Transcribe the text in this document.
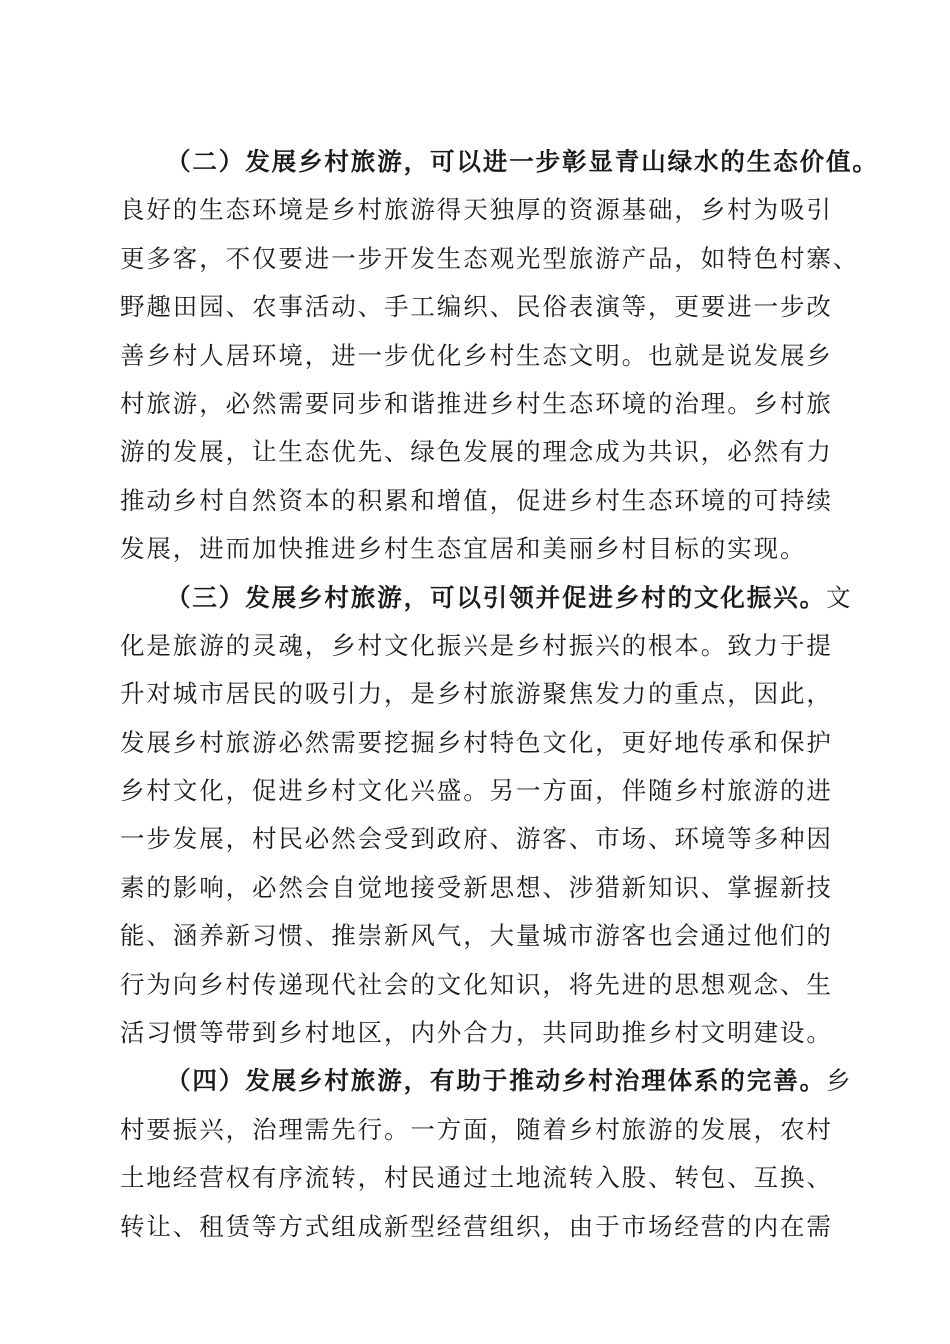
（二）发展乡村旅游，可以进一步彰显青山绿水的生态价值。
良好的生态环境是乡村旅游得天独厚的资源基础，乡村为吸引
更多客，不仅要进一步开发生态观光型旅游产品，如特色村寨、
野趣田园、农事活动、手工编织、民俗表演等，更要进一步改
善乡村人居环境，进一步优化乡村生态文明。也就是说发展乡
村旅游，必然需要同步和谐推进乡村生态环境的治理。乡村旅
游的发展，让生态优先、绿色发展的理念成为共识，必然有力
推动乡村自然资本的积累和增值，促进乡村生态环境的可持续
发展，进而加快推进乡村生态宜居和美丽乡村目标的实现。
（三）发展乡村旅游，可以引领并促进乡村的文化振兴。文
化是旅游的灵魂，乡村文化振兴是乡村振兴的根本。致力于提
升对城市居民的吸引力，是乡村旅游聚焦发力的重点，因此，
发展乡村旅游必然需要挖掘乡村特色文化，更好地传承和保护
乡村文化，促进乡村文化兴盛。另一方面，伴随乡村旅游的进
一步发展，村民必然会受到政府、游客、市场、环境等多种因
素的影响，必然会自觉地接受新思想、涉猎新知识、掌握新技
能、涵养新习惯、推崇新风气，大量城市游客也会通过他们的
行为向乡村传递现代社会的文化知识，将先进的思想观念、生
活习惯等带到乡村地区，内外合力，共同助推乡村文明建设。
（四）发展乡村旅游，有助于推动乡村治理体系的完善。乡
村要振兴，治理需先行。一方面，随着乡村旅游的发展，农村
土地经营权有序流转，村民通过土地流转入股、转包、互换、
转让、租赁等方式组成新型经营组织，由于市场经营的内在需
